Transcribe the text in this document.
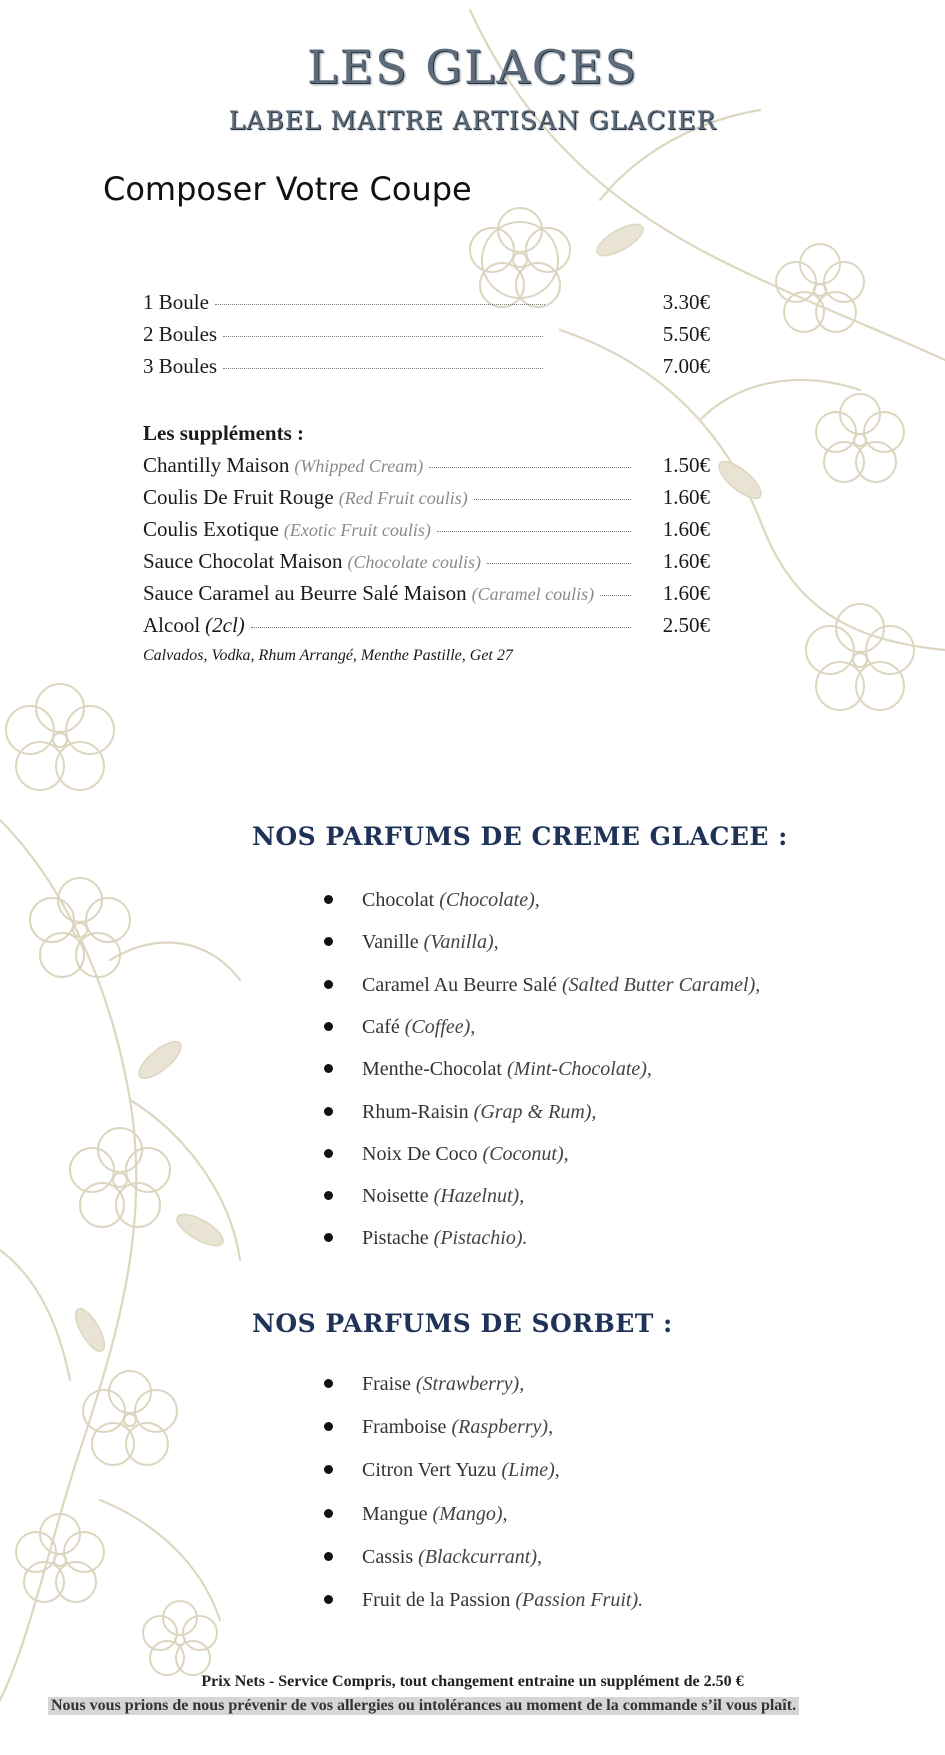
LES GLACES
LABEL MAITRE ARTISAN GLACIER
Composer Votre Coupe
1 Boule	3.30€
2 Boules	5.50€
3 Boules	7.00€
Les suppléments :
Chantilly Maison (Whipped Cream)	1.50€
Coulis De Fruit Rouge (Red Fruit coulis)	1.60€
Coulis Exotique (Exotic Fruit coulis)	1.60€
Sauce Chocolat Maison (Chocolate coulis)	1.60€
Sauce Caramel au Beurre Salé Maison (Caramel coulis)	1.60€
Alcool (2cl)	2.50€
Calvados, Vodka, Rhum Arrangé, Menthe Pastille, Get 27
NOS PARFUMS DE CREME GLACEE :
Chocolat (Chocolate),
Vanille (Vanilla),
Caramel Au Beurre Salé (Salted Butter Caramel),
Café (Coffee),
Menthe-Chocolat (Mint-Chocolate),
Rhum-Raisin (Grap & Rum),
Noix De Coco (Coconut),
Noisette (Hazelnut),
Pistache (Pistachio).
NOS PARFUMS DE SORBET :
Fraise (Strawberry),
Framboise (Raspberry),
Citron Vert Yuzu (Lime),
Mangue (Mango),
Cassis (Blackcurrant),
Fruit de la Passion (Passion Fruit).
Prix Nets - Service Compris, tout changement entraine un supplément de 2.50 €
Nous vous prions de nous prévenir de vos allergies ou intolérances au moment de la commande s’il vous plaît.
